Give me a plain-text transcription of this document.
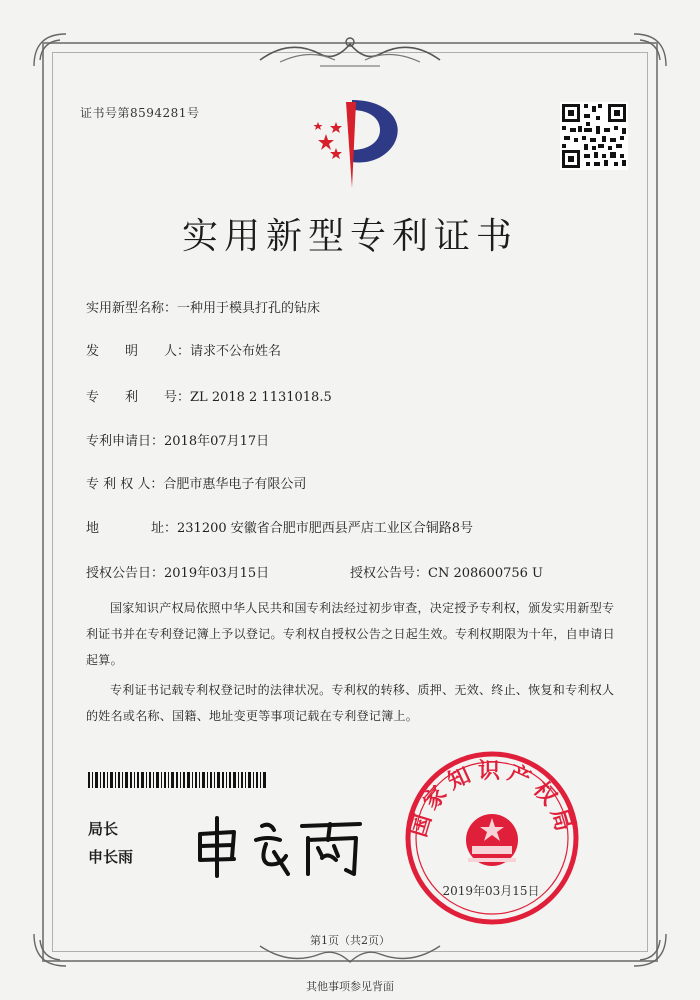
证书号第8594281号
实用新型专利证书
实用新型名称：一种用于模具打孔的钻床
发　　明　　人：请求不公布姓名
专　　利　　号：ZL 2018 2 1131018.5
专利申请日：2018年07月17日
专 利 权 人：合肥市惠华电子有限公司
地　　　　址：231200 安徽省合肥市肥西县严店工业区合铜路8号
授权公告日：2019年03月15日	授权公告号：CN 208600756 U
国家知识产权局依照中华人民共和国专利法经过初步审查，决定授予专利权，颁发实用新型专利证书并在专利登记簿上予以登记。专利权自授权公告之日起生效。专利权期限为十年，自申请日起算。
专利证书记载专利权登记时的法律状况。专利权的转移、质押、无效、终止、恢复和专利权人的姓名或名称、国籍、地址变更等事项记载在专利登记簿上。
局长
申长雨
国家知识产权局
2019年03月15日
第1页（共2页）
其他事项参见背面
